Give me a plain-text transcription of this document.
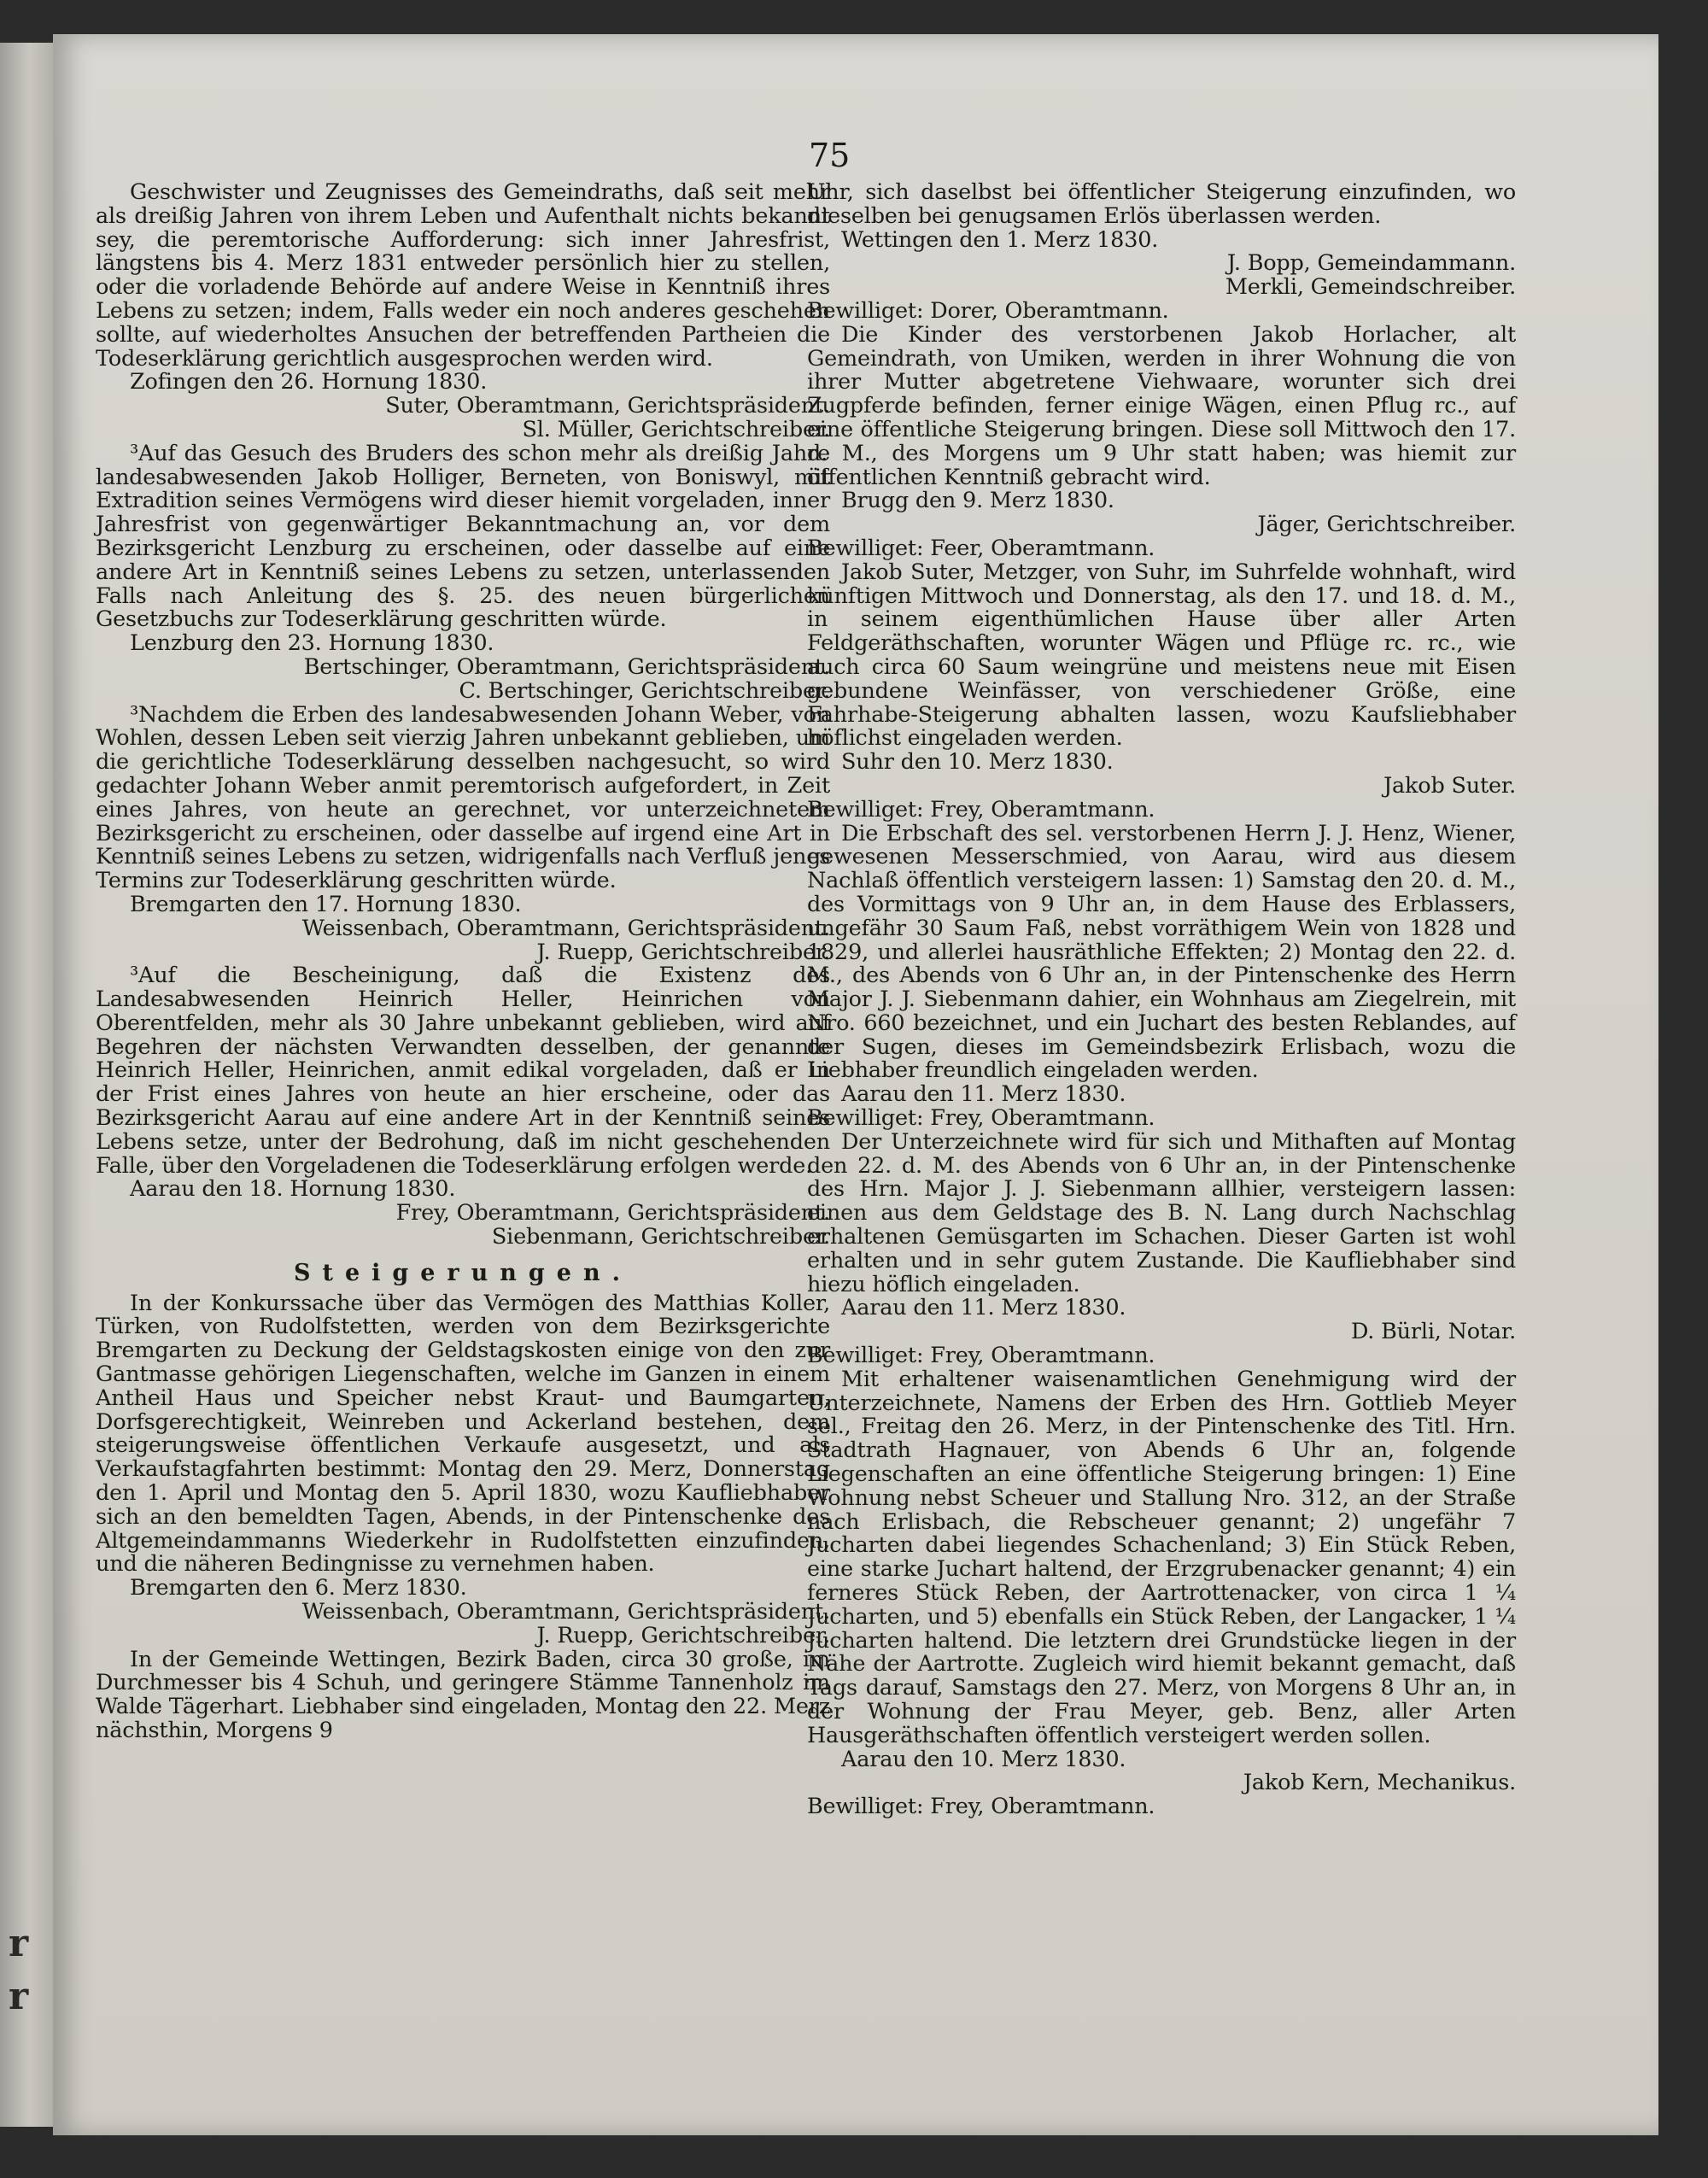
r
r
75
Geschwister und Zeugnisses des Gemeindraths, daß seit mehr als dreißig Jahren von ihrem Leben und Aufenthalt nichts bekannt sey, die peremtorische Aufforderung: sich inner Jahresfrist, längstens bis 4. Merz 1831 entweder persönlich hier zu stellen, oder die vorladende Behörde auf andere Weise in Kenntniß ihres Lebens zu setzen; indem, Falls weder ein noch anderes geschehen sollte, auf wiederholtes Ansuchen der betreffenden Partheien die Todeserklärung gerichtlich ausgesprochen werden wird.
Zofingen den 26. Hornung 1830.
Suter, Oberamtmann, Gerichtspräsident.
Sl. Müller, Gerichtschreiber.
³Auf das Gesuch des Bruders des schon mehr als dreißig Jahre landesabwesenden Jakob Holliger, Berneten, von Boniswyl, mit Extradition seines Vermögens wird dieser hiemit vorgeladen, inner Jahresfrist von gegenwärtiger Bekanntmachung an, vor dem Bezirksgericht Lenzburg zu erscheinen, oder dasselbe auf eine andere Art in Kenntniß seines Lebens zu setzen, unterlassenden Falls nach Anleitung des §. 25. des neuen bürgerlichen Gesetzbuchs zur Todeserklärung geschritten würde.
Lenzburg den 23. Hornung 1830.
Bertschinger, Oberamtmann, Gerichtspräsident.
C. Bertschinger, Gerichtschreiber.
³Nachdem die Erben des landesabwesenden Johann Weber, von Wohlen, dessen Leben seit vierzig Jahren unbekannt geblieben, um die gerichtliche Todeserklärung desselben nachgesucht, so wird gedachter Johann Weber anmit peremtorisch aufgefordert, in Zeit eines Jahres, von heute an gerechnet, vor unterzeichnetem Bezirksgericht zu erscheinen, oder dasselbe auf irgend eine Art in Kenntniß seines Lebens zu setzen, widrigenfalls nach Verfluß jenes Termins zur Todeserklärung geschritten würde.
Bremgarten den 17. Hornung 1830.
Weissenbach, Oberamtmann, Gerichtspräsident.
J. Ruepp, Gerichtschreiber.
³Auf die Bescheinigung, daß die Existenz des Landesabwesenden Heinrich Heller, Heinrichen von Oberentfelden, mehr als 30 Jahre unbekannt geblieben, wird auf Begehren der nächsten Verwandten desselben, der genannte Heinrich Heller, Heinrichen, anmit edikal vorgeladen, daß er in der Frist eines Jahres von heute an hier erscheine, oder das Bezirksgericht Aarau auf eine andere Art in der Kenntniß seines Lebens setze, unter der Bedrohung, daß im nicht geschehenden Falle, über den Vorgeladenen die Todeserklärung erfolgen werde.
Aarau den 18. Hornung 1830.
Frey, Oberamtmann, Gerichtspräsident.
Siebenmann, Gerichtschreiber.
Steigerungen.
In der Konkurssache über das Vermögen des Matthias Koller, Türken, von Rudolfstetten, werden von dem Bezirksgerichte Bremgarten zu Deckung der Geldstagskosten einige von den zur Gantmasse gehörigen Liegenschaften, welche im Ganzen in einem Antheil Haus und Speicher nebst Kraut- und Baumgarten, Dorfsgerechtigkeit, Weinreben und Ackerland bestehen, dem steigerungsweise öffentlichen Verkaufe ausgesetzt, und als Verkaufstagfahrten bestimmt: Montag den 29. Merz, Donnerstag den 1. April und Montag den 5. April 1830, wozu Kaufliebhaber sich an den bemeldten Tagen, Abends, in der Pintenschenke des Altgemeindammanns Wiederkehr in Rudolfstetten einzufinden, und die näheren Bedingnisse zu vernehmen haben.
Bremgarten den 6. Merz 1830.
Weissenbach, Oberamtmann, Gerichtspräsident.
J. Ruepp, Gerichtschreiber.
In der Gemeinde Wettingen, Bezirk Baden, circa 30 große, im Durchmesser bis 4 Schuh, und geringere Stämme Tannenholz im Walde Tägerhart. Liebhaber sind eingeladen, Montag den 22. Merz nächsthin, Morgens 9
Uhr, sich daselbst bei öffentlicher Steigerung einzufinden, wo dieselben bei genugsamen Erlös überlassen werden.
Wettingen den 1. Merz 1830.
J. Bopp, Gemeindammann.
Merkli, Gemeindschreiber.
Bewilliget: Dorer, Oberamtmann.
Die Kinder des verstorbenen Jakob Horlacher, alt Gemeindrath, von Umiken, werden in ihrer Wohnung die von ihrer Mutter abgetretene Viehwaare, worunter sich drei Zugpferde befinden, ferner einige Wägen, einen Pflug rc., auf eine öffentliche Steigerung bringen. Diese soll Mittwoch den 17. d. M., des Morgens um 9 Uhr statt haben; was hiemit zur öffentlichen Kenntniß gebracht wird.
Brugg den 9. Merz 1830.
Jäger, Gerichtschreiber.
Bewilliget: Feer, Oberamtmann.
Jakob Suter, Metzger, von Suhr, im Suhrfelde wohnhaft, wird künftigen Mittwoch und Donnerstag, als den 17. und 18. d. M., in seinem eigenthümlichen Hause über aller Arten Feldgeräthschaften, worunter Wägen und Pflüge rc. rc., wie auch circa 60 Saum weingrüne und meistens neue mit Eisen gebundene Weinfässer, von verschiedener Größe, eine Fahrhabe-Steigerung abhalten lassen, wozu Kaufsliebhaber höflichst eingeladen werden.
Suhr den 10. Merz 1830.
Jakob Suter.
Bewilliget: Frey, Oberamtmann.
Die Erbschaft des sel. verstorbenen Herrn J. J. Henz, Wiener, gewesenen Messerschmied, von Aarau, wird aus diesem Nachlaß öffentlich versteigern lassen: 1) Samstag den 20. d. M., des Vormittags von 9 Uhr an, in dem Hause des Erblassers, ungefähr 30 Saum Faß, nebst vorräthigem Wein von 1828 und 1829, und allerlei hausräthliche Effekten; 2) Montag den 22. d. M., des Abends von 6 Uhr an, in der Pintenschenke des Herrn Major J. J. Siebenmann dahier, ein Wohnhaus am Ziegelrein, mit Nro. 660 bezeichnet, und ein Juchart des besten Reblandes, auf der Sugen, dieses im Gemeindsbezirk Erlisbach, wozu die Liebhaber freundlich eingeladen werden.
Aarau den 11. Merz 1830.
Bewilliget: Frey, Oberamtmann.
Der Unterzeichnete wird für sich und Mithaften auf Montag den 22. d. M. des Abends von 6 Uhr an, in der Pintenschenke des Hrn. Major J. J. Siebenmann allhier, versteigern lassen: einen aus dem Geldstage des B. N. Lang durch Nachschlag erhaltenen Gemüsgarten im Schachen. Dieser Garten ist wohl erhalten und in sehr gutem Zustande. Die Kaufliebhaber sind hiezu höflich eingeladen.
Aarau den 11. Merz 1830.
D. Bürli, Notar.
Bewilliget: Frey, Oberamtmann.
Mit erhaltener waisenamtlichen Genehmigung wird der Unterzeichnete, Namens der Erben des Hrn. Gottlieb Meyer sel., Freitag den 26. Merz, in der Pintenschenke des Titl. Hrn. Stadtrath Hagnauer, von Abends 6 Uhr an, folgende Liegenschaften an eine öffentliche Steigerung bringen: 1) Eine Wohnung nebst Scheuer und Stallung Nro. 312, an der Straße nach Erlisbach, die Rebscheuer genannt; 2) ungefähr 7 Jucharten dabei liegendes Schachenland; 3) Ein Stück Reben, eine starke Juchart haltend, der Erzgrubenacker genannt; 4) ein ferneres Stück Reben, der Aartrottenacker, von circa 1 ¼ Jucharten, und 5) ebenfalls ein Stück Reben, der Langacker, 1 ¼ Jucharten haltend. Die letztern drei Grundstücke liegen in der Nähe der Aartrotte. Zugleich wird hiemit bekannt gemacht, daß Tags darauf, Samstags den 27. Merz, von Morgens 8 Uhr an, in der Wohnung der Frau Meyer, geb. Benz, aller Arten Hausgeräthschaften öffentlich versteigert werden sollen.
Aarau den 10. Merz 1830.
Jakob Kern, Mechanikus.
Bewilliget: Frey, Oberamtmann.
